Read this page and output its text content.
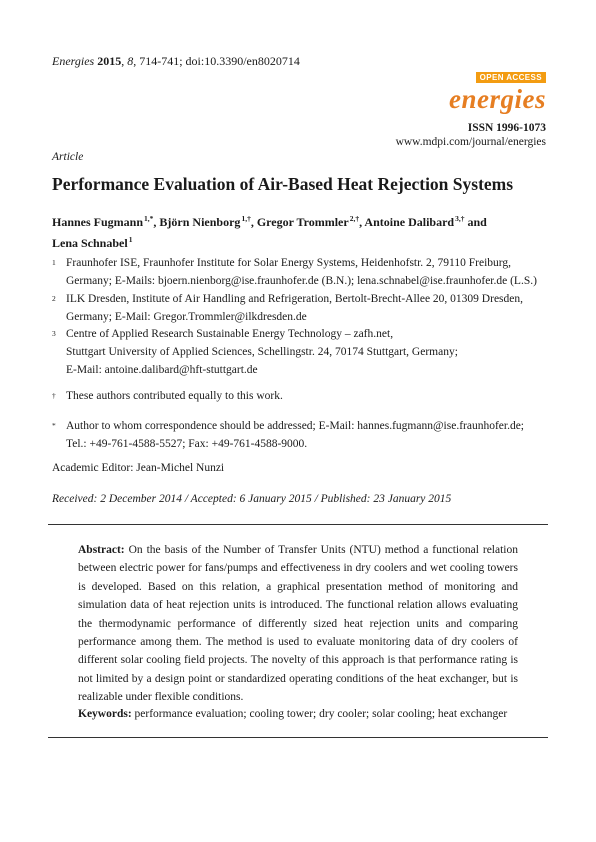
Energies 2015, 8, 714-741; doi:10.3390/en8020714
OPEN ACCESS
energies
ISSN 1996-1073
www.mdpi.com/journal/energies
Article
Performance Evaluation of Air-Based Heat Rejection Systems
Hannes Fugmann $^{1,*}$, Björn Nienborg $^{1,\dagger}$, Gregor Trommler $^{2,\dagger}$, Antoine Dalibard $^{3,\dagger}$ and
Lena Schnabel $^1$
1 Fraunhofer ISE, Fraunhofer Institute for Solar Energy Systems, Heidenhofstr. 2, 79110 Freiburg,
Germany; E-Mails: bjoern.nienborg@ise.fraunhofer.de (B.N.); lena.schnabel@ise.fraunhofer.de (L.S.)
2 ILK Dresden, Institute of Air Handling and Refrigeration, Bertolt-Brecht-Allee 20, 01309 Dresden,
Germany; E-Mail: Gregor.Trommler@ilkdresden.de
3 Centre of Applied Research Sustainable Energy Technology – zafh.net,
Stuttgart University of Applied Sciences, Schellingstr. 24, 70174 Stuttgart, Germany;
E-Mail: antoine.dalibard@hft-stuttgart.de
† These authors contributed equally to this work.
* Author to whom correspondence should be addressed; E-Mail: hannes.fugmann@ise.fraunhofer.de;
Tel.: +49-761-4588-5527; Fax: +49-761-4588-9000.
Academic Editor: Jean-Michel Nunzi
Received: 2 December 2014 / Accepted: 6 January 2015 / Published: 23 January 2015
Abstract: On the basis of the Number of Transfer Units (NTU) method a functional relation between electric power for fans/pumps and effectiveness in dry coolers and wet cooling towers is developed. Based on this relation, a graphical presentation method of monitoring and simulation data of heat rejection units is introduced. The functional relation allows evaluating the thermodynamic performance of differently sized heat rejection units and comparing performance among them. The method is used to evaluate monitoring data of dry coolers of different solar cooling field projects. The novelty of this approach is that performance rating is not limited by a design point or standardized operating conditions of the heat exchanger, but is realizable under flexible conditions.
Keywords: performance evaluation; cooling tower; dry cooler; solar cooling; heat exchanger
